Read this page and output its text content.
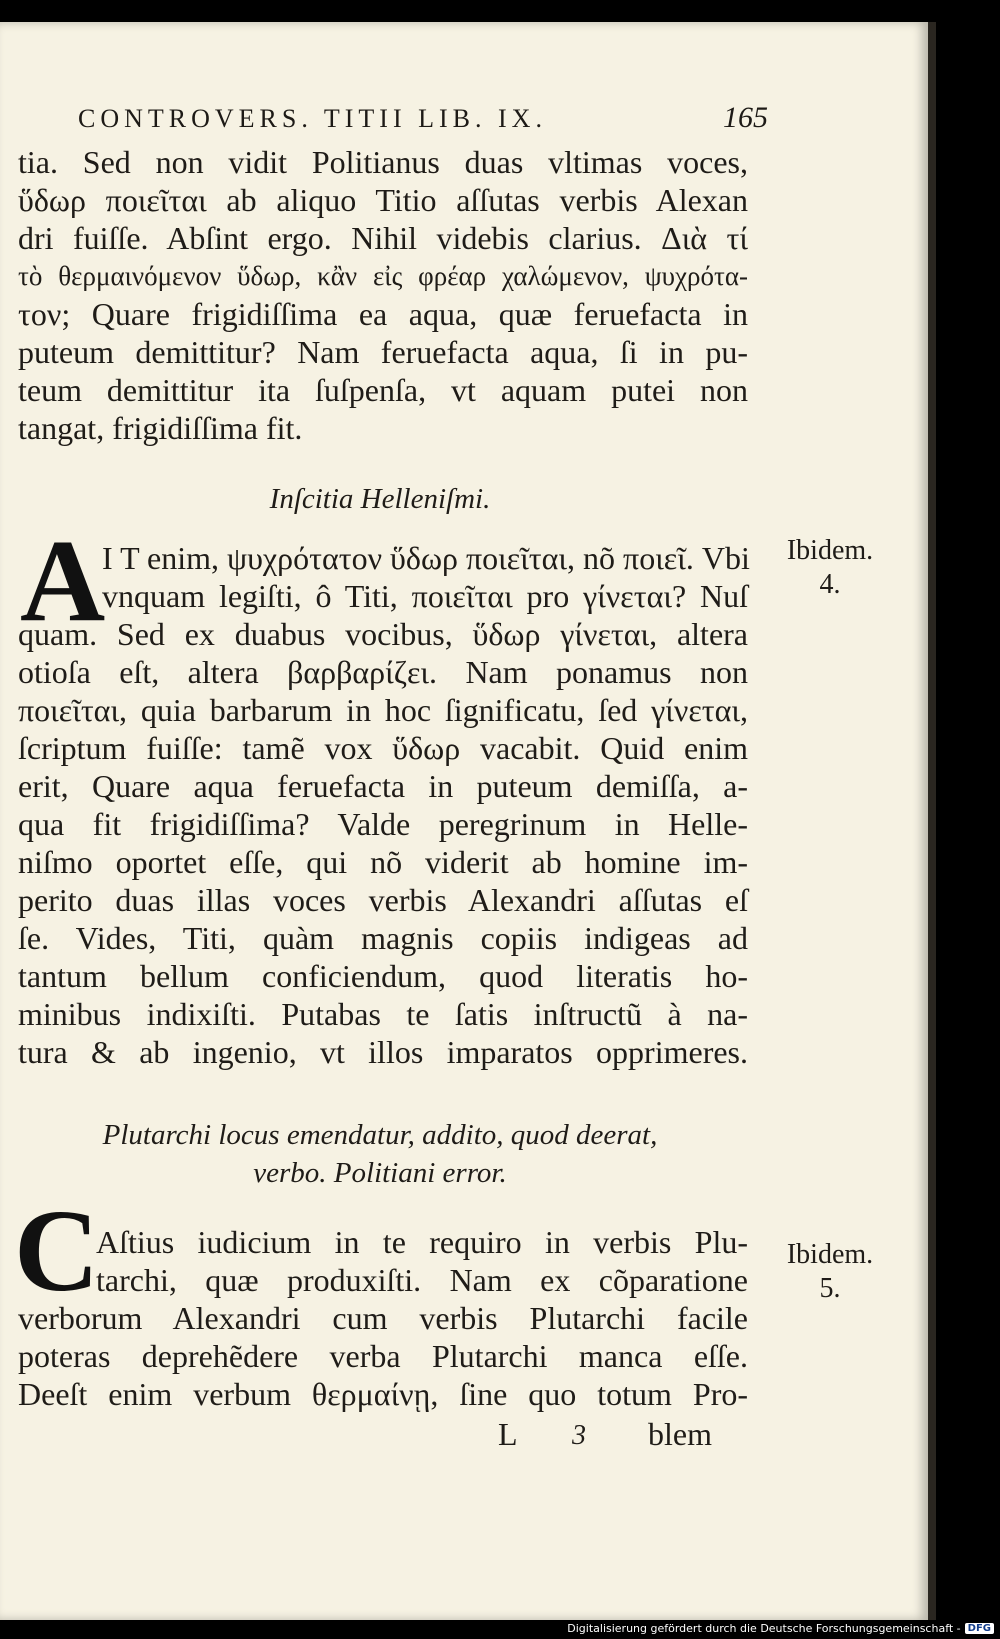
CONTROVERS. TITII LIB. IX.	165
tia. Sed non vidit Politianus duas vltimas voces,
ὕδωρ ποιεῖται ab aliquo Titio aſſutas verbis Alexan
dri fuiſſe. Abſint ergo. Nihil videbis clarius. Διὰ τί
τὸ θερμαινόμενον ὕδωρ, κἂν εἰς φρέαρ χαλώμενον, ψυχρότα-
τον; Quare frigidiſſima ea aqua, quæ feruefacta in
puteum demittitur? Nam feruefacta aqua, ſi in pu-
teum demittitur ita ſuſpenſa, vt aquam putei non
tangat, frigidiſſima fit.
Inſcitia Helleniſmi.
A
I T enim, ψυχρότατον ὕδωρ ποιεῖται, nõ ποιεῖ. Vbi
vnquam legiſti, ô Titi, ποιεῖται pro γίνεται? Nuſ
quam. Sed ex duabus vocibus, ὕδωρ γίνεται, altera
otioſa eſt, altera βαρβαρίζει. Nam ponamus non
ποιεῖται, quia barbarum in hoc ſignificatu, ſed γίνεται,
ſcriptum fuiſſe: tamẽ vox ὕδωρ vacabit. Quid enim
erit, Quare aqua feruefacta in puteum demiſſa, a-
qua fit frigidiſſima? Valde peregrinum in Helle-
niſmo oportet eſſe, qui nõ viderit ab homine im-
perito duas illas voces verbis Alexandri aſſutas eſ
ſe. Vides, Titi, quàm magnis copiis indigeas ad
tantum bellum conficiendum, quod literatis ho-
minibus indixiſti. Putabas te ſatis inſtructũ à na-
tura & ab ingenio, vt illos imparatos opprimeres.
Plutarchi locus emendatur, addito, quod deerat,
verbo. Politiani error.
C
Aſtius iudicium in te requiro in verbis Plu-
tarchi, quæ produxiſti. Nam ex cõparatione
verborum Alexandri cum verbis Plutarchi facile
poteras deprehẽdere verba Plutarchi manca eſſe.
Deeſt enim verbum θερμαίνῃ, ſine quo totum Pro-
L 3 blem
Ibidem.
4.
Ibidem.
5.
Digitalisierung gefördert durch die Deutsche Forschungsgemeinschaft - DFG
